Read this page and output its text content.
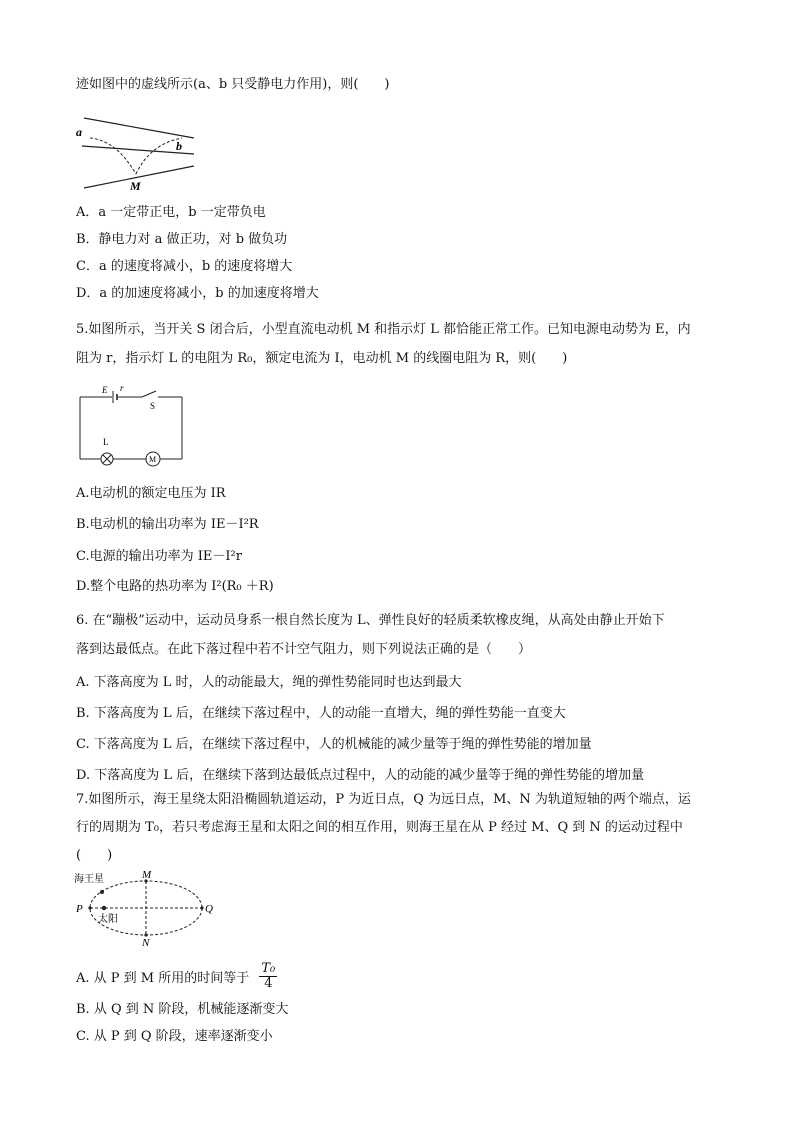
迹如图中的虚线所示(a、b 只受静电力作用)，则(　　)
a
b
M
A．a 一定带正电，b 一定带负电
B．静电力对 a 做正功，对 b 做负功
C．a 的速度将减小，b 的速度将增大
D．a 的加速度将减小，b 的加速度将增大
5.如图所示，当开关 S 闭合后，小型直流电动机 M 和指示灯 L 都恰能正常工作。已知电源电动势为 E，内
阻为 r，指示灯 L 的电阻为 R₀，额定电流为 I，电动机 M 的线圈电阻为 R，则(　　)
E r
S
L
M
A.电动机的额定电压为 IR
B.电动机的输出功率为 IE－I²R
C.电源的输出功率为 IE－I²r
D.整个电路的热功率为 I²(R₀ ＋R)
6. 在“蹦极”运动中，运动员身系一根自然长度为 L、弹性良好的轻质柔软橡皮绳，从高处由静止开始下
落到达最低点。在此下落过程中若不计空气阻力，则下列说法正确的是（　　）
A. 下落高度为 L 时，人的动能最大，绳的弹性势能同时也达到最大
B. 下落高度为 L 后，在继续下落过程中，人的动能一直增大，绳的弹性势能一直变大
C. 下落高度为 L 后，在继续下落过程中，人的机械能的减少量等于绳的弹性势能的增加量
D. 下落高度为 L 后，在继续下落到达最低点过程中，人的动能的减少量等于绳的弹性势能的增加量
7.如图所示，海王星绕太阳沿椭圆轨道运动，P 为近日点，Q 为远日点，M、N 为轨道短轴的两个端点，运
行的周期为 T₀，若只考虑海王星和太阳之间的相互作用，则海王星在从 P 经过 M、Q 到 N 的运动过程中
(　　)
海王星
太阳
P	Q
M
N
A. 从 P 到 M 所用的时间等于 $\frac{\text{T₀}}{4}$
B. 从 Q 到 N 阶段，机械能逐渐变大
C. 从 P 到 Q 阶段，速率逐渐变小
